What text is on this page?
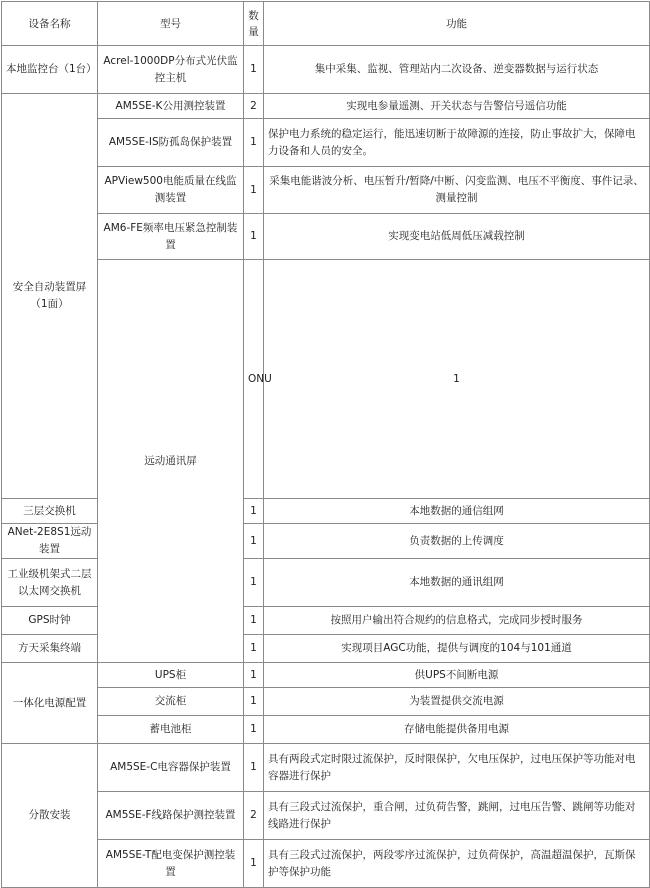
设备名称	型号	数量	功能	
本地监控台（1台）	Acrel-1000DP分布式光伏监控主机	1	集中采集、监视、管理站内二次设备、逆变器数据与运行状态	
安全自动装置屏（1面）	AM5SE-K公用测控装置	2	实现电参量遥测、开关状态与告警信号遥信功能	
	AM5SE-IS防孤岛保护装置	1	保护电力系统的稳定运行，能迅速切断于故障源的连接，防止事故扩大，保障电力设备和人员的安全。	
	APView500电能质量在线监测装置	1	采集电能谐波分析、电压暂升/暂降/中断、闪变监测、电压不平衡度、事件记录、测量控制	
	AM6-FE频率电压紧急控制装置	1	实现变电站低周低压减载控制	
	远动通讯屏	ONU	1	
三层交换机		1	本地数据的通信组网	
ANet-2E8S1远动装置		1	负责数据的上传调度	
工业级机架式二层以太网交换机		1	本地数据的通讯组网	
GPS时钟		1	按照用户输出符合规约的信息格式，完成同步授时服务	
方天采集终端		1	实现项目AGC功能，提供与调度的104与101通道	
一体化电源配置	UPS柜	1	供UPS不间断电源	
	交流柜	1	为装置提供交流电源	
	蓄电池柜	1	存储电能提供备用电源	
分散安装	AM5SE-C电容器保护装置	1	具有两段式定时限过流保护，反时限保护，欠电压保护，过电压保护等功能对电容器进行保护	
	AM5SE-F线路保护测控装置	2	具有三段式过流保护，重合闸，过负荷告警，跳闸，过电压告警、跳闸等功能对线路进行保护	
	AM5SE-T配电变保护测控装置	1	具有三段式过流保护，两段零序过流保护，过负荷保护，高温超温保护，瓦斯保护等保护功能	
